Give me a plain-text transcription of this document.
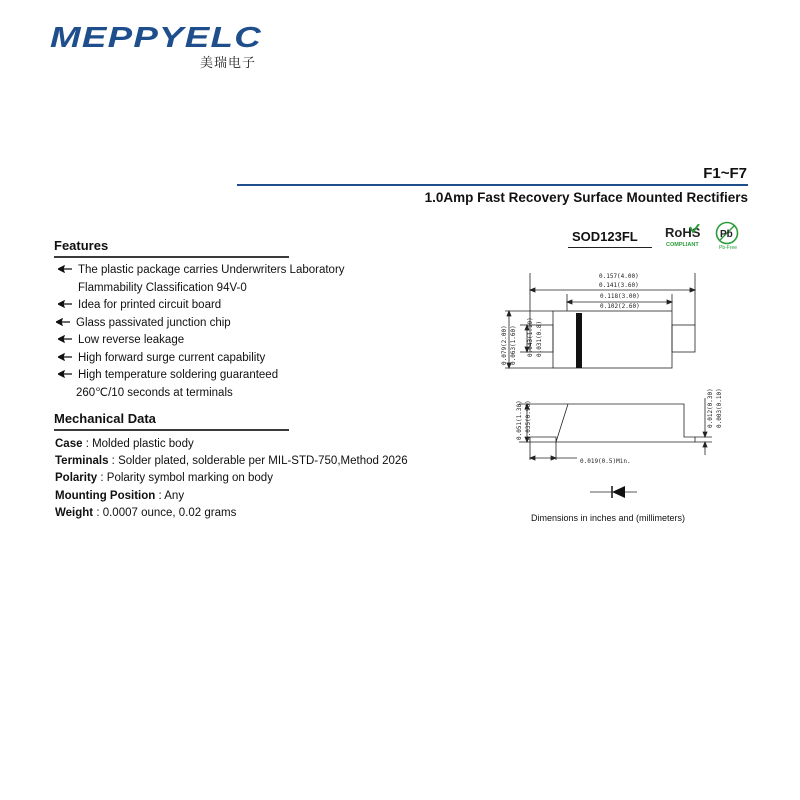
MEPPYELC
美瑞电子
F1~F7
1.0Amp Fast Recovery Surface Mounted Rectifiers
SOD123FL RoHS
COMPLIANT
Pb
Pb-Free
Features
The plastic package carries Underwriters Laboratory
Flammability Classification 94V-0
Idea for printed circuit board
Glass passivated junction chip
Low reverse leakage
High forward surge current capability
High temperature soldering guaranteed
260℃/10 seconds at terminals
Mechanical Data
Case : Molded plastic body
Terminals : Solder plated, solderable per MIL-STD-750,Method 2026
Polarity : Polarity symbol marking on body
Mounting Position : Any
Weight : 0.0007 ounce, 0.02 grams
0.157(4.00)
0.141(3.60)
0.118(3.00)
0.102(2.60)
0.019(0.5)Min.
0.079(2.00) 0.063(1.60) 0.043(1.10) 0.031(0.8)
0.051(1.30) 0.035(0.90)	0.012(0.30) 0.003(0.10)
Dimensions in inches and (millimeters)
